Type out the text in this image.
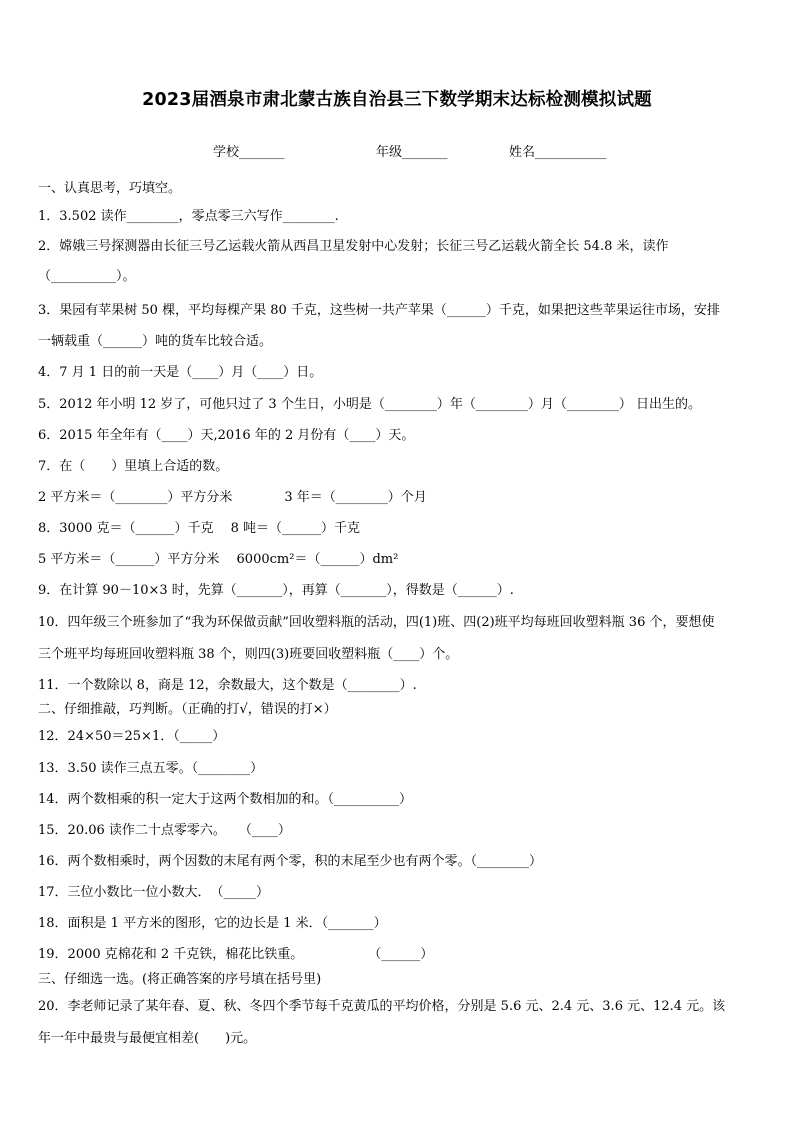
2023届酒泉市肃北蒙古族自治县三下数学期末达标检测模拟试题
学校_______	年级_______	姓名___________
一、认真思考，巧填空。
1．3.502 读作________，零点零三六写作________.
2．嫦娥三号探测器由长征三号乙运载火箭从西昌卫星发射中心发射；长征三号乙运载火箭全长 54.8 米，读作
（__________）。
3．果园有苹果树 50 棵，平均每棵产果 80 千克，这些树一共产苹果（______）千克，如果把这些苹果运往市场，安排
一辆载重（______）吨的货车比较合适。
4．7 月 1 日的前一天是（____）月（____）日。
5．2012 年小明 12 岁了，可他只过了 3 个生日，小明是（________）年（________）月（________） 日出生的。
6．2015 年全年有（____）天,2016 年的 2 月份有（____）天。
7．在（　　）里填上合适的数。
2 平方米＝（________）平方分米　　　　3 年＝（________）个月
8．3000 克＝（______）千克　 8 吨＝（______）千克
5 平方米＝（______）平方分米　 6000cm²＝（______）dm²
9．在计算 90－10×3 时，先算（_______），再算（_______），得数是（______）.
10．四年级三个班参加了“我为环保做贡献”回收塑料瓶的活动，四(1)班、四(2)班平均每班回收塑料瓶 36 个，要想使
三个班平均每班回收塑料瓶 38 个，则四(3)班要回收塑料瓶（____）个。
11．一个数除以 8，商是 12，余数最大，这个数是（________）.
二、仔细推敲，巧判断。（正确的打√，错误的打×）
12．24×50＝25×1．（_____）
13．3.50 读作三点五零。（________）
14．两个数相乘的积一定大于这两个数相加的和。（__________）
15．20.06 读作二十点零零六。　　（____）
16．两个数相乘时，两个因数的末尾有两个零，积的末尾至少也有两个零。（________）
17．三位小数比一位小数大．　（_____）
18．面积是 1 平方米的图形，它的边长是 1 米．（_______）
19．2000 克棉花和 2 千克铁，棉花比铁重。　　　　　　（______）
三、仔细选一选。(将正确答案的序号填在括号里)
20．李老师记录了某年春、夏、秋、冬四个季节每千克黄瓜的平均价格，分别是 5.6 元、2.4 元、3.6 元、12.4 元。该
年一年中最贵与最便宜相差(　　)元。
